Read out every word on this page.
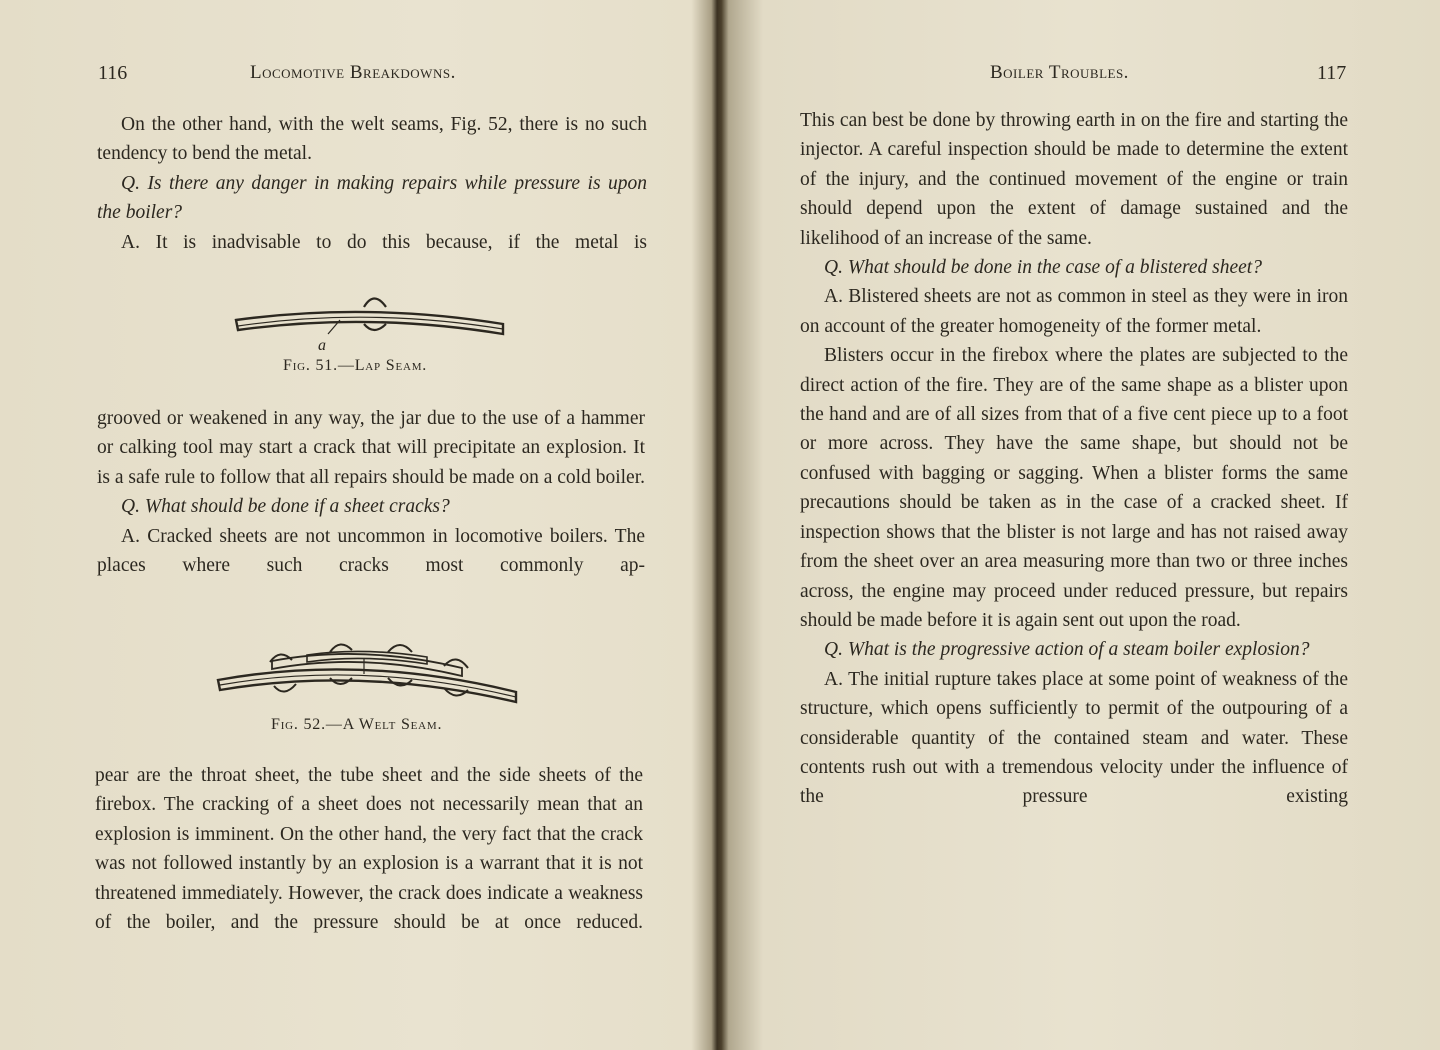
116	Locomotive Breakdowns.

On the other hand, with the welt seams, Fig. 52, there is no such tendency to bend the metal.

Q. Is there any danger in making repairs while pressure is upon the boiler?

A. It is inadvisable to do this because, if the metal is

a
Fig. 51.—Lap Seam.

grooved or weakened in any way, the jar due to the use of a hammer or calking tool may start a crack that will precipitate an explosion. It is a safe rule to follow that all repairs should be made on a cold boiler.

Q. What should be done if a sheet cracks?

A. Cracked sheets are not uncommon in locomotive boilers. The places where such cracks most commonly ap-

Fig. 52.—A Welt Seam.

pear are the throat sheet, the tube sheet and the side sheets of the firebox. The cracking of a sheet does not necessarily mean that an explosion is imminent. On the other hand, the very fact that the crack was not followed instantly by an explosion is a warrant that it is not threatened immediately. However, the crack does indicate a weakness of the boiler, and the pressure should be at once reduced.

Boiler Troubles.	117

This can best be done by throwing earth in on the fire and starting the injector. A careful inspection should be made to determine the extent of the injury, and the continued movement of the engine or train should depend upon the extent of damage sustained and the likelihood of an increase of the same.

Q. What should be done in the case of a blistered sheet?

A. Blistered sheets are not as common in steel as they were in iron on account of the greater homogeneity of the former metal.

Blisters occur in the firebox where the plates are subjected to the direct action of the fire. They are of the same shape as a blister upon the hand and are of all sizes from that of a five cent piece up to a foot or more across. They have the same shape, but should not be confused with bagging or sagging. When a blister forms the same precautions should be taken as in the case of a cracked sheet. If inspection shows that the blister is not large and has not raised away from the sheet over an area measuring more than two or three inches across, the engine may proceed under reduced pressure, but repairs should be made before it is again sent out upon the road.

Q. What is the progressive action of a steam boiler explosion?

A. The initial rupture takes place at some point of weakness of the structure, which opens sufficiently to permit of the outpouring of a considerable quantity of the contained steam and water. These contents rush out with a tremendous velocity under the influence of the pressure existing
